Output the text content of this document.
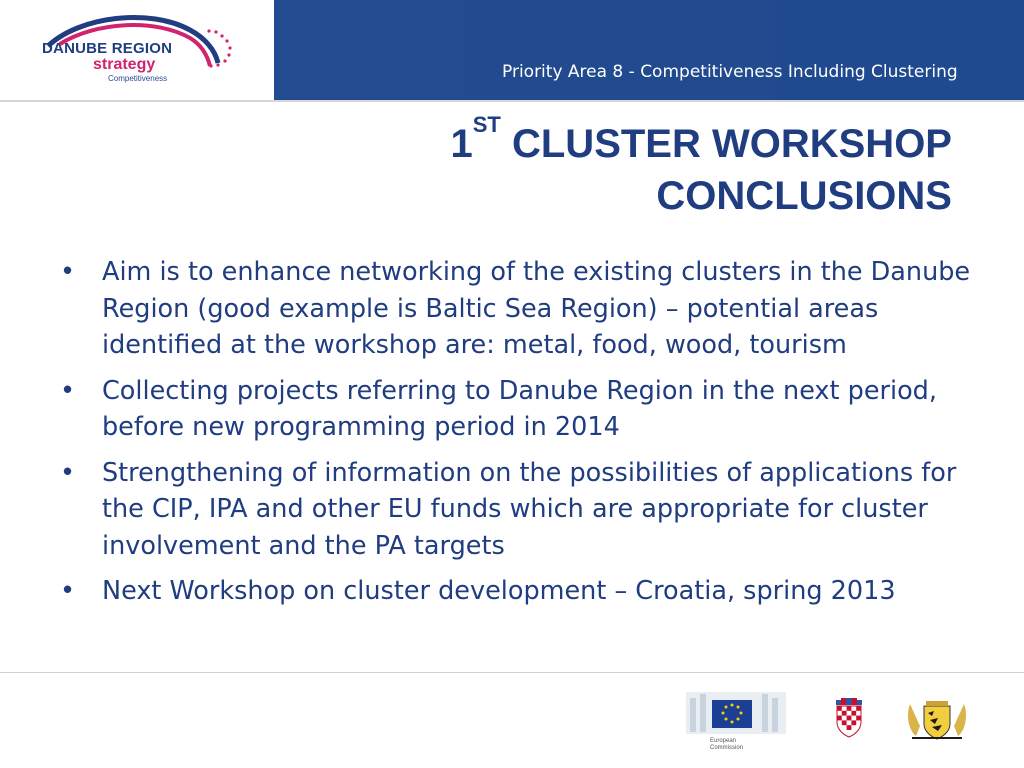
DANUBE REGION
strategy
Competitiveness	Priority Area 8 - Competitiveness Including Clustering
1ST CLUSTER WORKSHOP
CONCLUSIONS
• Aim is to enhance networking of the existing clusters in the Danube Region (good example is Baltic Sea Region) – potential areas identified at the workshop are: metal, food, wood, tourism
• Collecting projects referring to Danube Region in the next period, before new programming period in 2014
• Strengthening of information on the possibilities of applications for the CIP, IPA and other EU funds which are appropriate for cluster involvement and the PA targets
• Next Workshop on cluster development – Croatia, spring 2013
European
Commission
